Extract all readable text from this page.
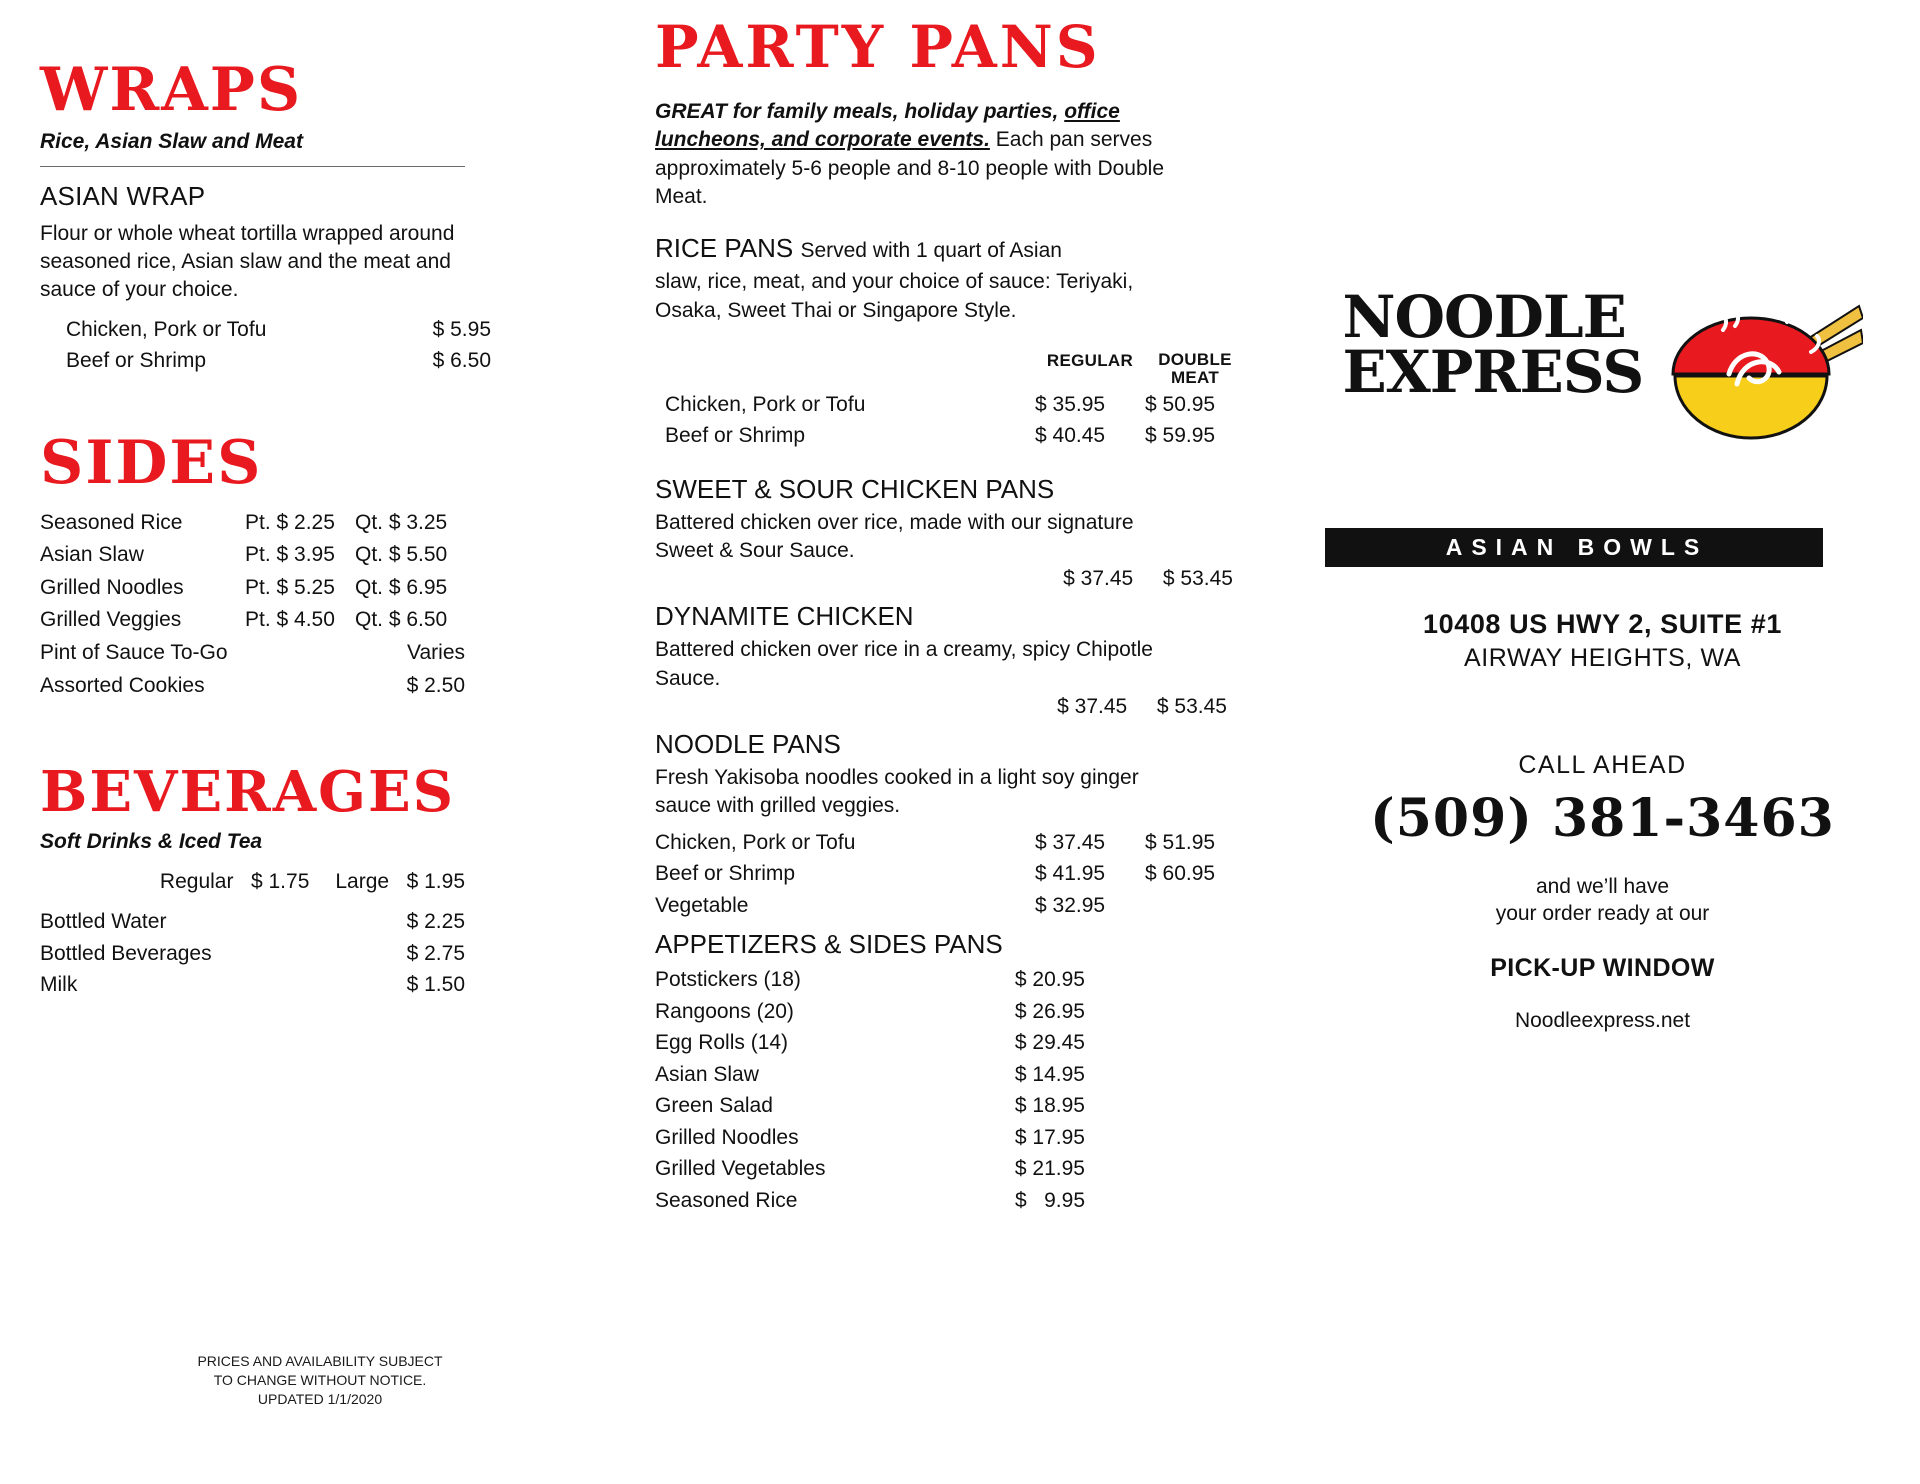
WRAPS

Rice, Asian Slaw and Meat

ASIAN WRAP

Flour or whole wheat tortilla wrapped around seasoned rice, Asian slaw and the meat and sauce of your choice.

Chicken, Pork or Tofu	$ 5.95
Beef or Shrimp	$ 6.50
SIDES
Seasoned Rice	Pt. $ 2.25 Qt. $ 3.25
Asian Slaw	Pt. $ 3.95 Qt. $ 5.50
Grilled Noodles	Pt. $ 5.25 Qt. $ 6.95
Grilled Veggies	Pt. $ 4.50 Qt. $ 6.50
Pint of Sauce To-Go	Varies
Assorted Cookies	$ 2.50
BEVERAGES

Soft Drinks & Iced Tea

Regular $ 1.75 Large $ 1.95
Bottled Water	$ 2.25
Bottled Beverages	$ 2.75
Milk	$ 1.50
PRICES AND AVAILABILITY SUBJECT
TO CHANGE WITHOUT NOTICE.
UPDATED 1/1/2020
PARTY PANS

GREAT for family meals, holiday parties, office luncheons, and corporate events. Each pan serves approximately 5-6 people and 8-10 people with Double Meat.

RICE PANS Served with 1 quart of Asian

slaw, rice, meat, and your choice of sauce: Teriyaki, Osaka, Sweet Thai or Singapore Style.

REGULAR	DOUBLE
MEAT
Chicken, Pork or Tofu	$ 35.95	$ 50.95
Beef or Shrimp	$ 40.45	$ 59.95
SWEET & SOUR CHICKEN PANS

Battered chicken over rice, made with our signature Sweet & Sour Sauce.

$ 37.45 $ 53.45
DYNAMITE CHICKEN

Battered chicken over rice in a creamy, spicy Chipotle Sauce.

$ 37.45 $ 53.45
NOODLE PANS

Fresh Yakisoba noodles cooked in a light soy ginger sauce with grilled veggies.

Chicken, Pork or Tofu	$ 37.45	$ 51.95
Beef or Shrimp	$ 41.95	$ 60.95
Vegetable	$ 32.95
APPETIZERS & SIDES PANS
Potstickers (18)	$ 20.95
Rangoons (20)	$ 26.95
Egg Rolls (14)	$ 29.45
Asian Slaw	$ 14.95
Green Salad	$ 18.95
Grilled Noodles	$ 17.95
Grilled Vegetables	$ 21.95
Seasoned Rice	$   9.95

NOODLE

EXPRESS

ASIAN BOWLS

10408 US HWY 2, SUITE #1

AIRWAY HEIGHTS, WA

CALL AHEAD

(509) 381-3463

and we’ll have
your order ready at our

PICK-UP WINDOW

Noodleexpress.net
